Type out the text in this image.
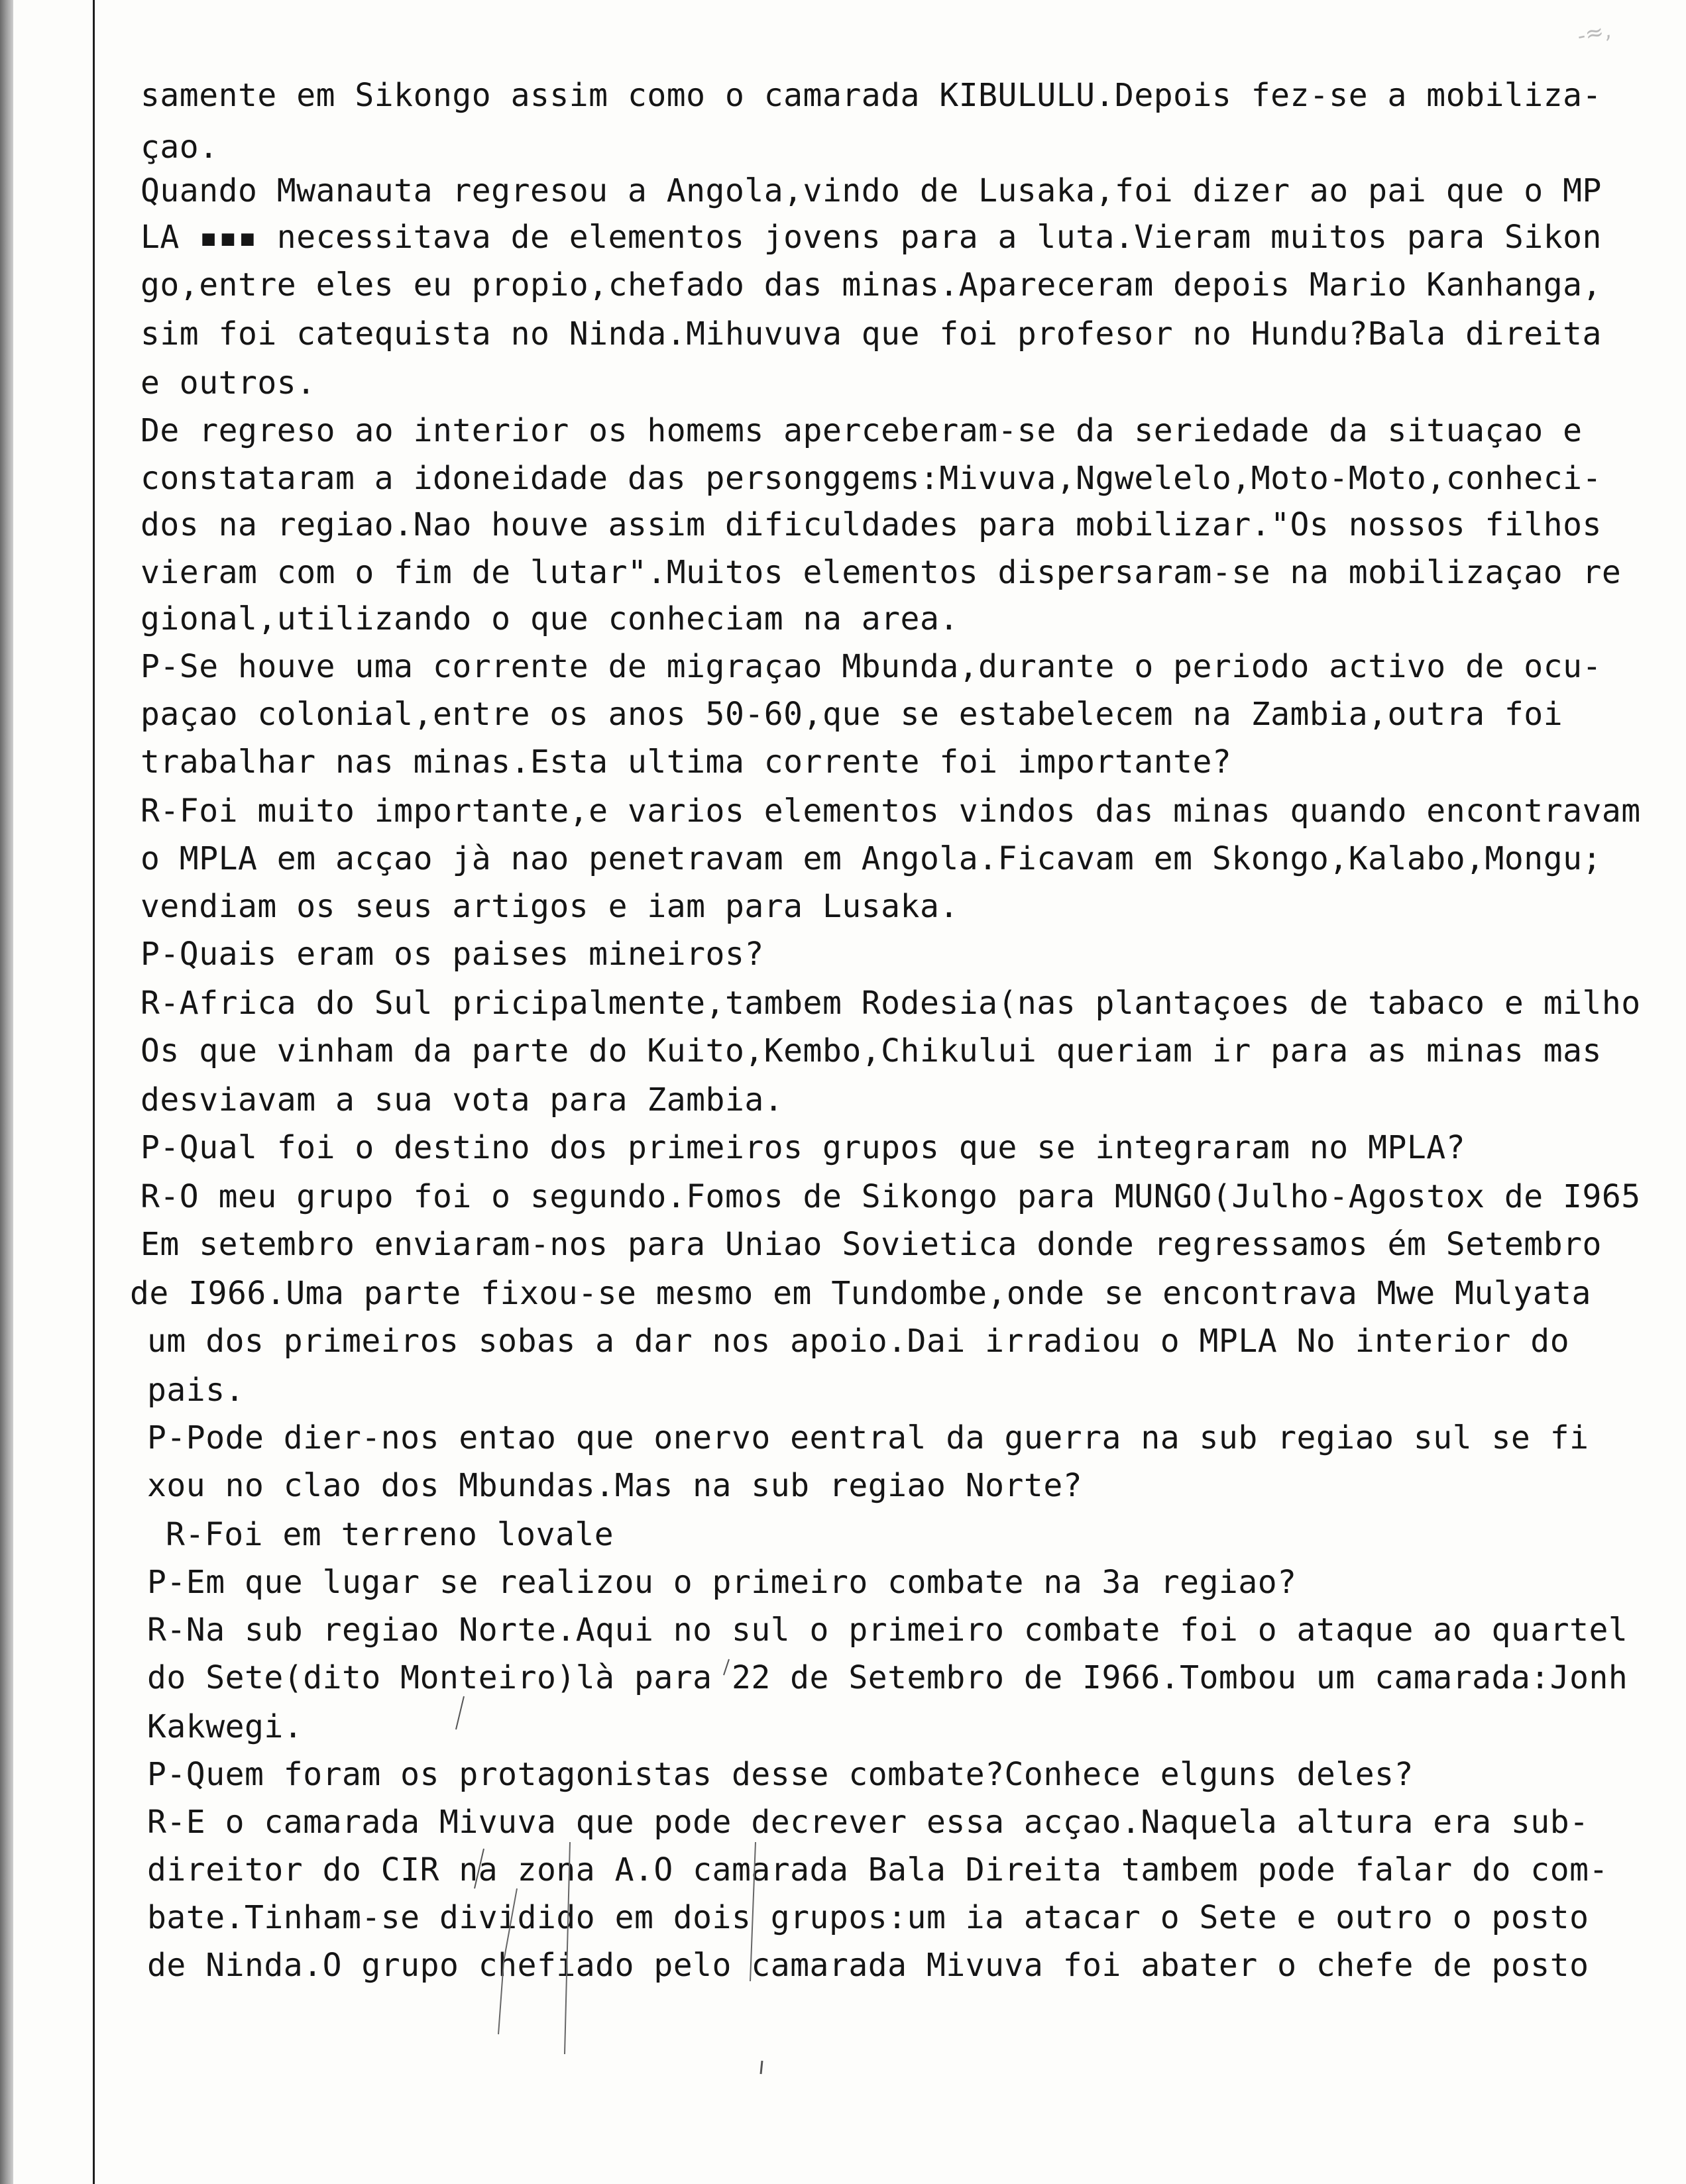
‐≈,
samente em Sikongo assim como o camarada KIBULULU.Depois fez-se a mobiliza-
çao.
Quando Mwanauta regresou a Angola,vindo de Lusaka,foi dizer ao pai que o MP
LA ▪▪▪ necessitava de elementos jovens para a luta.Vieram muitos para Sikon
go,entre eles eu propio,chefado das minas.Apareceram depois Mario Kanhanga,
sim foi catequista no Ninda.Mihuvuva que foi profesor no Hundu?Bala direita
e outros.
De regreso ao interior os homems aperceberam-se da seriedade da situaçao e
constataram a idoneidade das personggems:Mivuva,Ngwelelo,Moto-Moto,conheci-
dos na regiao.Nao houve assim dificuldades para mobilizar."Os nossos filhos
vieram com o fim de lutar".Muitos elementos dispersaram-se na mobilizaçao re
gional,utilizando o que conheciam na area.
P-Se houve uma corrente de migraçao Mbunda,durante o periodo activo de ocu-
paçao colonial,entre os anos 50-60,que se estabelecem na Zambia,outra foi
trabalhar nas minas.Esta ultima corrente foi importante?
R-Foi muito importante,e varios elementos vindos das minas quando encontravam
o MPLA em acçao jà nao penetravam em Angola.Ficavam em Skongo,Kalabo,Mongu;
vendiam os seus artigos e iam para Lusaka.
P-Quais eram os paises mineiros?
R-Africa do Sul pricipalmente,tambem Rodesia(nas plantaçoes de tabaco e milho
Os que vinham da parte do Kuito,Kembo,Chikului queriam ir para as minas mas
desviavam a sua vota para Zambia.
P-Qual foi o destino dos primeiros grupos que se integraram no MPLA?
R-O meu grupo foi o segundo.Fomos de Sikongo para MUNGO(Julho-Agostox de I965
Em setembro enviaram-nos para Uniao Sovietica donde regressamos ém Setembro
de I966.Uma parte fixou-se mesmo em Tundombe,onde se encontrava Mwe Mulyata
um dos primeiros sobas a dar nos apoio.Dai irradiou o MPLA No interior do
pais.
P-Pode dier-nos entao que onervo eentral da guerra na sub regiao sul se fi
xou no clao dos Mbundas.Mas na sub regiao Norte?
R-Foi em terreno lovale
P-Em que lugar se realizou o primeiro combate na 3a regiao?
R-Na sub regiao Norte.Aqui no sul o primeiro combate foi o ataque ao quartel
do Sete(dito Monteiro)là para 22 de Setembro de I966.Tombou um camarada:Jonh
Kakwegi.
P-Quem foram os protagonistas desse combate?Conhece elguns deles?
R-E o camarada Mivuva que pode decrever essa acçao.Naquela altura era sub-
direitor do CIR na zona A.O camarada Bala Direita tambem pode falar do com-
bate.Tinham-se dividido em dois grupos:um ia atacar o Sete e outro o posto
de Ninda.O grupo chefiado pelo camarada Mivuva foi abater o chefe de posto
